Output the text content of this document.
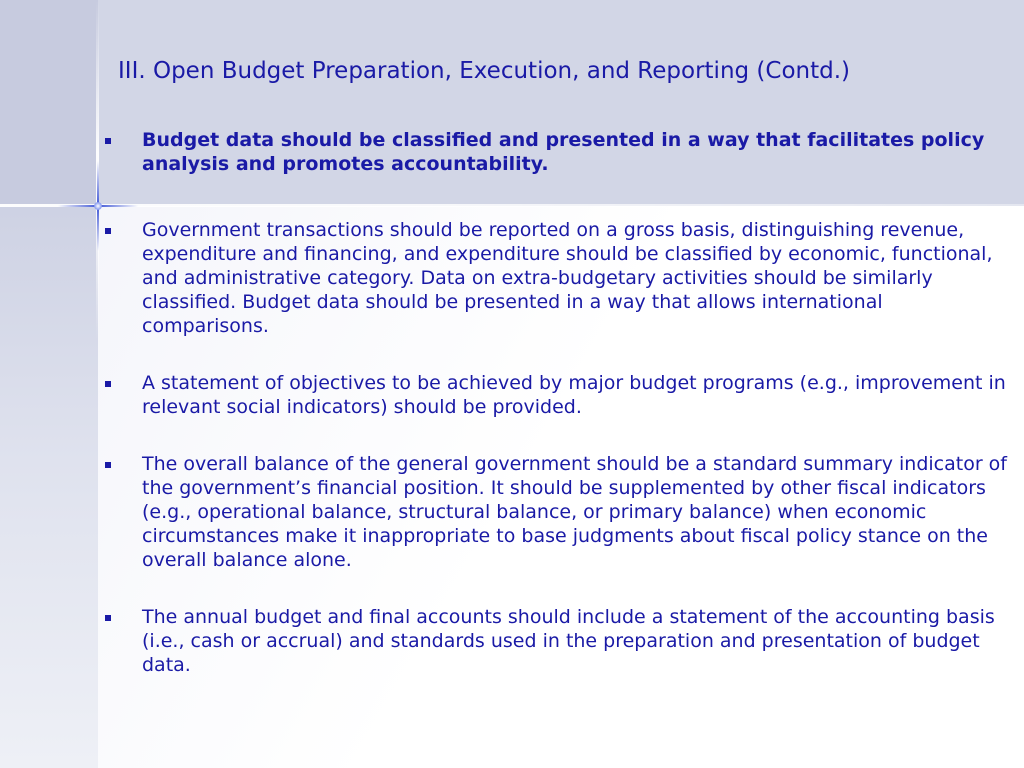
III. Open Budget Preparation, Execution, and Reporting (Contd.)
Budget data should be classified and presented in a way that facilitates policy analysis and promotes accountability.
Government transactions should be reported on a gross basis, distinguishing revenue, expenditure and financing, and expenditure should be classified by economic, functional, and administrative category. Data on extra-budgetary activities should be similarly classified. Budget data should be presented in a way that allows international comparisons.
A statement of objectives to be achieved by major budget programs (e.g., improvement in relevant social indicators) should be provided.
The overall balance of the general government should be a standard summary indicator of the government’s financial position. It should be supplemented by other fiscal indicators (e.g., operational balance, structural balance, or primary balance) when economic circumstances make it inappropriate to base judgments about fiscal policy stance on the overall balance alone.
The annual budget and final accounts should include a statement of the accounting basis (i.e., cash or accrual) and standards used in the preparation and presentation of budget data.
